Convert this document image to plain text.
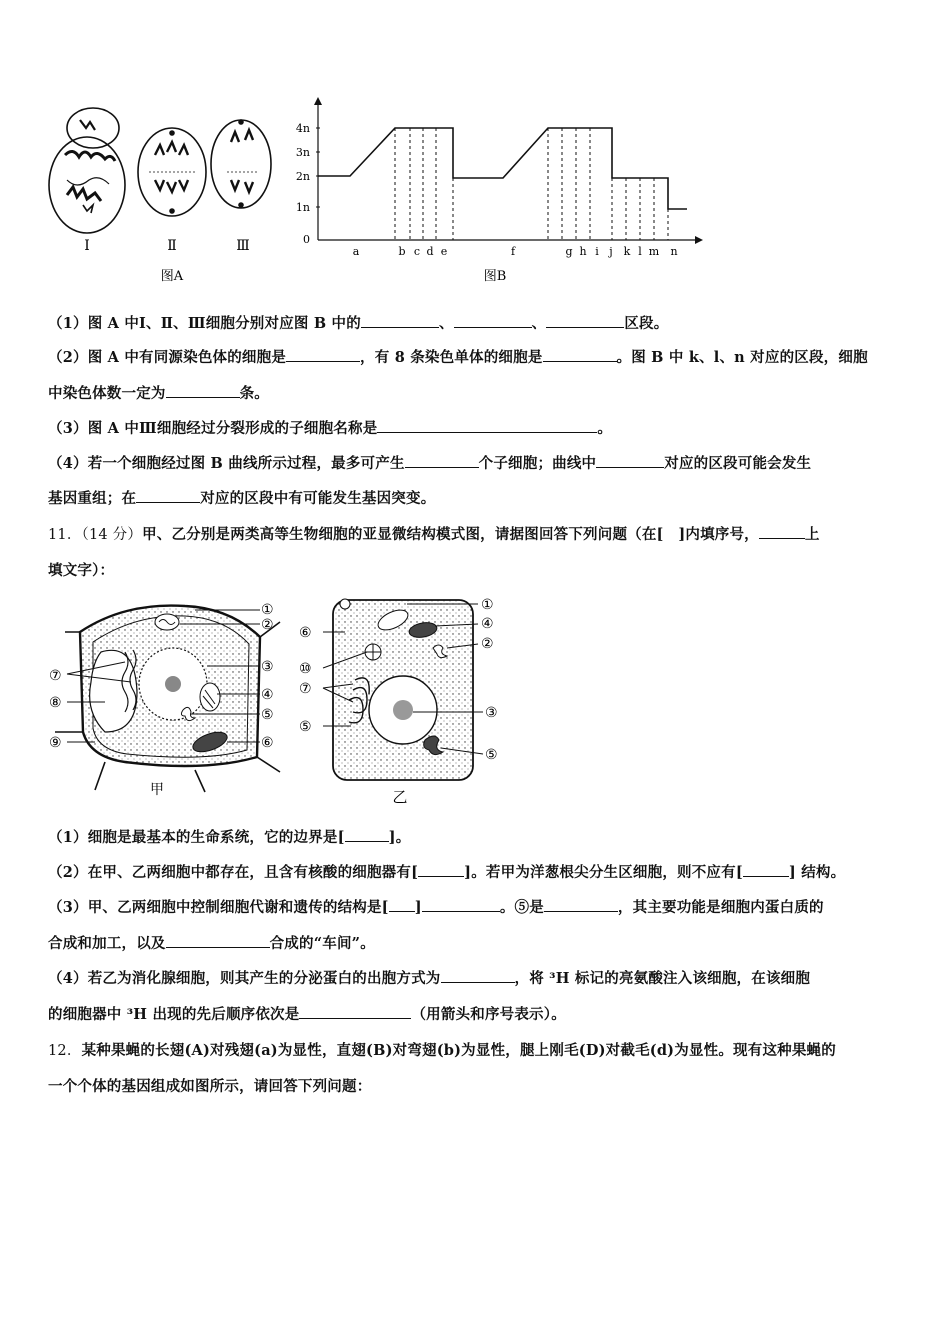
Ⅰ	Ⅱ	Ⅲ
图A
4n
3n
2n
1n
0
a	b c d e	f	g h i j k l m n
图B
（1）图 A 中Ⅰ、Ⅱ、Ⅲ细胞分别对应图 B 中的	、	、	区段。
（2）图 A 中有同源染色体的细胞是	，有 8 条染色单体的细胞是	。图 B 中 k、l、n 对应的区段，细胞
中染色体数一定为	条。
（3）图 A 中Ⅲ细胞经过分裂形成的子细胞名称是	。
（4）若一个细胞经过图 B 曲线所示过程，最多可产生	个子细胞；曲线中	对应的区段可能会发生
基因重组；在	对应的区段中有可能发生基因突变。
11．（14 分）甲、乙分别是两类高等生物细胞的亚显微结构模式图，请据图回答下列问题（在[　]内填序号，	上
填文字）：
①
②
③
④
⑤
⑥
⑦
⑧
⑨
甲
①
④
②
⑥
⑩
⑦
③
⑤
⑤
乙
（1）细胞是最基本的生命系统，它的边界是[	]。
（2）在甲、乙两细胞中都存在，且含有核酸的细胞器有[	]。若甲为洋葱根尖分生区细胞，则不应有[	] 结构。
（3）甲、乙两细胞中控制细胞代谢和遗传的结构是[ ]	。⑤是	，其主要功能是细胞内蛋白质的
合成和加工，以及	合成的“车间”。
（4）若乙为消化腺细胞，则其产生的分泌蛋白的出胞方式为	，将 ³H 标记的亮氨酸注入该细胞，在该细胞
的细胞器中 ³H 出现的先后顺序依次是	（用箭头和序号表示）。
12．某种果蝇的长翅(A)对残翅(a)为显性，直翅(B)对弯翅(b)为显性，腿上刚毛(D)对截毛(d)为显性。现有这种果蝇的
一个个体的基因组成如图所示，请回答下列问题：
